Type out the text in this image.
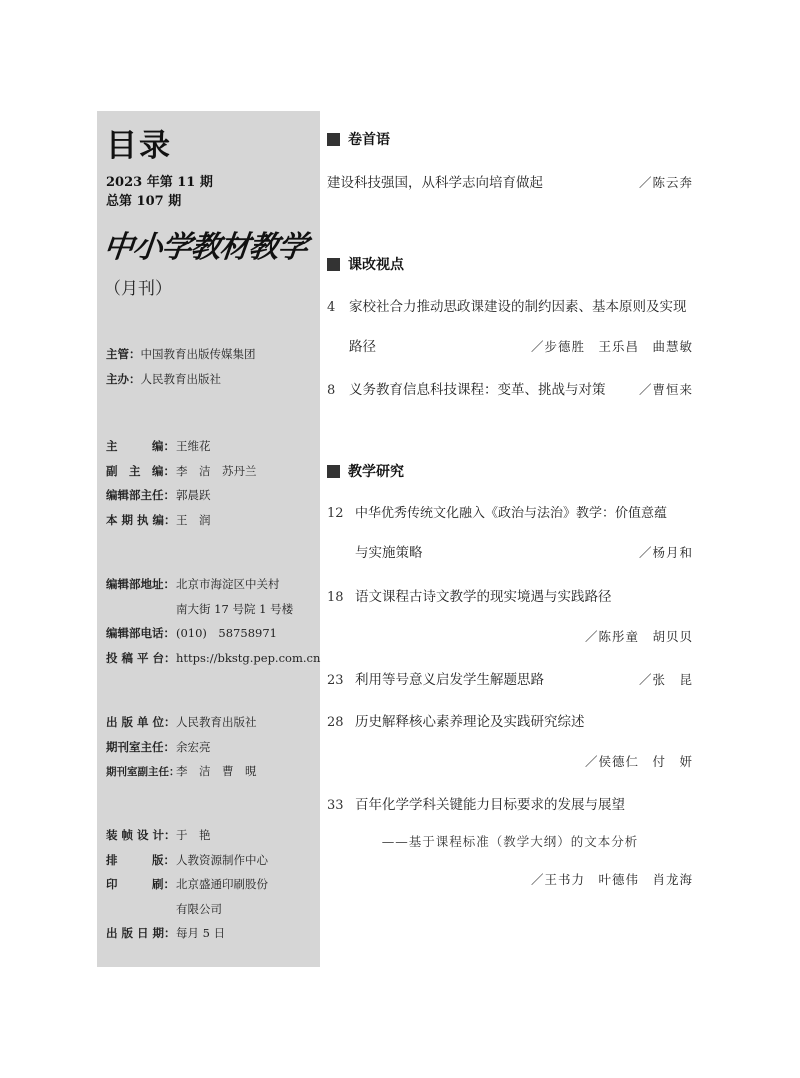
目录
2023 年第 11 期
总第 107 期
中小学教材教学
（月刊）
主管：中国教育出版传媒集团
主办：人民教育出版社
主　　　编：王维花
副　主　编：李　洁　苏丹兰
编辑部主任：郭晨跃
本 期 执 编：王　润
编辑部地址：北京市海淀区中关村
南大街 17 号院 1 号楼
编辑部电话：(010)　58758971
投 稿 平 台：https://bkstg.pep.com.cn
出 版 单 位：人民教育出版社
期刊室主任：余宏亮
期刊室副主任：李　洁　曹　晛
装 帧 设 计：于　艳
排　　　版：人教资源制作中心
印　　　刷：北京盛通印刷股份
有限公司
出 版 日 期：每月 5 日
卷首语
建设科技强国，从科学志向培育做起	／陈云奔
课改视点
4	家校社合力推动思政课建设的制约因素、基本原则及实现
路径	／步德胜　王乐昌　曲慧敏
8	义务教育信息科技课程：变革、挑战与对策	／曹恒来
教学研究
12 中华优秀传统文化融入《政治与法治》教学：价值意蕴
与实施策略	／杨月和
18 语文课程古诗文教学的现实境遇与实践路径
／陈彤童　胡贝贝
23 利用等号意义启发学生解题思路	／张　昆
28 历史解释核心素养理论及实践研究综述
／侯德仁　付　妍
33 百年化学学科关键能力目标要求的发展与展望
——基于课程标准（教学大纲）的文本分析
／王书力　叶德伟　肖龙海
